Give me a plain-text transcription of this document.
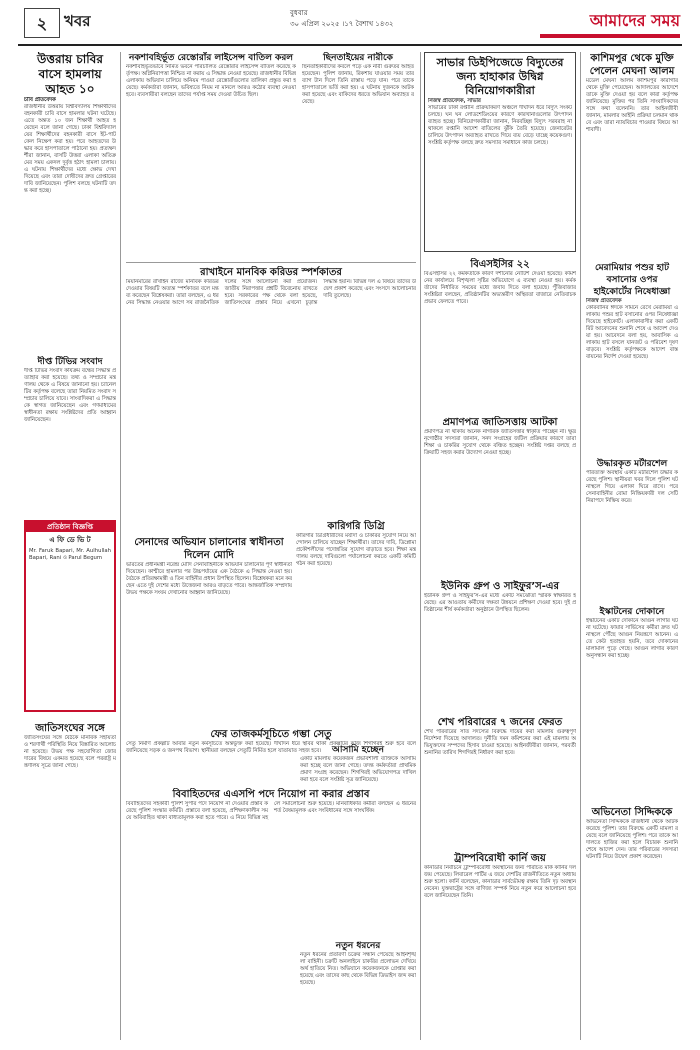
২	খবর	বুধবার
৩০ এপ্রিল ২০২৫ ।১৭ বৈশাখ ১৪৩২	আমাদের সময়
উত্তরায় চাবির বাসে হামলায় আহত ১০
চাবি প্রতিবেদক
রাজধানীর উত্তরায় বিশ্ববিদ্যালয় শিক্ষার্থীদের বহনকারী চাবি বাসে হামলার ঘটনা ঘটেছে। এতে অন্তত ১০ জন শিক্ষার্থী আহত হয়েছেন বলে জানা গেছে। ঢাকা বিশ্ববিদ্যালয়ের শিক্ষার্থীদের বহনকারী বাসে ইট-পাটকেল নিক্ষেপ করা হয়। পরে আহতদের উদ্ধার করে হাসপাতালে পাঠানো হয়। প্রত্যক্ষদর্শীরা জানান, বাসটি উত্তরা এলাকা অতিক্রমের সময় একদল দুর্বৃত্ত হঠাৎ হামলা চালায়। এ ঘটনায় শিক্ষার্থীদের মধ্যে ক্ষোভ দেখা দিয়েছে এবং তারা দোষীদের দ্রুত গ্রেপ্তারের দাবি জানিয়েছেন। পুলিশ বলছে ঘটনাটি তদন্ত করা হচ্ছে।
দীপ্ত টিভির সংবাদ
দীপ্ত টিভির সংবাদ কার্যক্রম বন্ধের সিদ্ধান্ত প্রত্যাহার করা হয়েছে। তথ্য ও সম্প্রচার মন্ত্রণালয় থেকে এ বিষয়ে জানানো হয়। চ্যানেলটির কর্তৃপক্ষ বলেছে তারা নিয়মিত সংবাদ সম্প্রচার চালিয়ে যাবে। সাংবাদিকরা এ সিদ্ধান্তকে স্বাগত জানিয়েছেন এবং গণমাধ্যমের স্বাধীনতা রক্ষায় সংশ্লিষ্টদের প্রতি আহ্বান জানিয়েছেন।
প্রতিষ্ঠান বিজ্ঞপ্তি
এ ফি ডে ভি ট
Mr. Faruk Bapari, Mr. Aulhullah Bapari, Rani ও Parul Begum
জাতিসংঘের সঙ্গে
জাতিসংঘের সঙ্গে বৈঠকে মানবিক সহায়তা ও শরণার্থী পরিস্থিতি নিয়ে বিস্তারিত আলোচনা হয়েছে। উভয় পক্ষ সহযোগিতা জোরদারের বিষয়ে একমত হয়েছে বলে পররাষ্ট্র মন্ত্রণালয় সূত্রে জানা গেছে।
নকশাবহির্ভূত রেস্তোরাঁর লাইসেন্স বাতিল করল
নকশাবহির্ভূতভাবে নির্মিত ভবনে পরিচালিত রেস্তোরাঁর লাইসেন্স বাতিল করেছে কর্তৃপক্ষ। অগ্নিনিরাপত্তা নিশ্চিত না করায় এ সিদ্ধান্ত নেওয়া হয়েছে। রাজধানীর বিভিন্ন এলাকায় অভিযান চালিয়ে অনিয়ম পাওয়া রেস্তোরাঁগুলোর তালিকা প্রস্তুত করা হয়েছে। কর্মকর্তারা জানান, ভবিষ্যতে নিয়ম না মানলে আরও কঠোর ব্যবস্থা নেওয়া হবে। ব্যবসায়ীরা বলছেন তাদের পর্যাপ্ত সময় দেওয়া উচিত ছিল।
ছিনতাইয়ের নারীকে
ছিনতাইকারীদের কবলে পড়ে এক নারী গুরুতর আহত হয়েছেন। পুলিশ জানায়, রিকশায় যাওয়ার সময় তার ব্যাগ টান দিলে তিনি রাস্তায় পড়ে যান। পরে তাকে হাসপাতালে ভর্তি করা হয়। এ ঘটনায় দুজনকে আটক করা হয়েছে এবং বাকিদের ধরতে অভিযান অব্যাহত রয়েছে।
সাভার ডিইপিজেডে বিদ্যুতের জন্য হাহাকার উদ্বিগ্ন বিনিয়োগকারীরা
নিজস্ব প্রতিবেদক, সাভার
সাভারের ঢাকা রপ্তানি প্রক্রিয়াকরণ অঞ্চলে দীর্ঘদিন ধরে বিদ্যুৎ সংকট চলছে। ঘন ঘন লোডশেডিংয়ের কারণে কারখানাগুলোর উৎপাদন ব্যাহত হচ্ছে। বিনিয়োগকারীরা জানান, নিরবচ্ছিন্ন বিদ্যুৎ সরবরাহ না থাকলে রপ্তানি আদেশ বাতিলের ঝুঁকি তৈরি হয়েছে। জেনারেটর চালিয়ে উৎপাদন অব্যাহত রাখতে গিয়ে ব্যয় বেড়ে যাচ্ছে কয়েকগুণ। সংশ্লিষ্ট কর্তৃপক্ষ বলছে দ্রুত সমস্যার সমাধানে কাজ চলছে।
কাশিমপুর থেকে মুক্তি পেলেন মেঘনা আলম
মডেল মেঘনা আলম কাশিমপুর কারাগার থেকে মুক্তি পেয়েছেন। আদালতের আদেশে তাকে মুক্তি দেওয়া হয় বলে কারা কর্তৃপক্ষ জানিয়েছে। মুক্তির পর তিনি সাংবাদিকদের সঙ্গে কথা বলেননি। তার আইনজীবী জানান, মামলার আইনি প্রক্রিয়া চলমান থাকবে এবং তারা ন্যায়বিচার পাওয়ার বিষয়ে আশাবাদী।
রাখাইনে মানবিক করিডর স্পর্শকাতর
মিয়ানমারের রাখাইন রাজ্যে মানবিক করিডর দেওয়ার বিষয়টি অত্যন্ত স্পর্শকাতর বলে মন্তব্য করেছেন বিশ্লেষকরা। তারা বলছেন, এ ধরনের সিদ্ধান্ত নেওয়ার আগে সব রাজনৈতিক দলের সঙ্গে আলোচনা করা প্রয়োজন। জাতীয় নিরাপত্তার প্রশ্নটি বিবেচনায় রাখতে হবে। সরকারের পক্ষ থেকে বলা হয়েছে, জাতিসংঘের প্রস্তাব নিয়ে এখনো চূড়ান্ত সিদ্ধান্ত হয়নি। বিভিন্ন দল এ বিষয়ে তাদের উদ্বেগ প্রকাশ করেছে এবং সংসদে আলোচনার দাবি তুলেছে।
বিএসইসির ২২
বিএসইসির ২২ কর্মকর্তাকে কারণ দর্শানোর নোটিশ দেওয়া হয়েছে। কমিশনের কার্যালয়ে বিশৃঙ্খলা সৃষ্টির অভিযোগে এ ব্যবস্থা নেওয়া হয়। কর্মকর্তাদের নির্ধারিত সময়ের মধ্যে জবাব দিতে বলা হয়েছে। পুঁজিবাজার সংশ্লিষ্টরা বলছেন, প্রতিষ্ঠানটির অভ্যন্তরীণ অস্থিরতা বাজারে নেতিবাচক প্রভাব ফেলতে পারে।
প্রমাণপত্র জাতিসত্তায় আটকা
প্রমাণপত্র না থাকায় অনেক নাগরিক জাতিসত্তার স্বীকৃতি পাচ্ছেন না। ক্ষুদ্র নৃগোষ্ঠীর সদস্যরা জানান, সনদ সংগ্রহের জটিল প্রক্রিয়ার কারণে তারা শিক্ষা ও চাকরির সুযোগ থেকে বঞ্চিত হচ্ছেন। সংশ্লিষ্ট দপ্তর বলছে প্রক্রিয়াটি সহজ করার উদ্যোগ নেওয়া হচ্ছে।
মেরামিয়ার পশুর হাট বসানোর ওপর হাইকোর্টের নিষেধাজ্ঞা
নিজস্ব প্রতিবেদক
কোরবানির ঈদকে সামনে রেখে মেরামিয়া এলাকায় পশুর হাট বসানোর ওপর নিষেধাজ্ঞা দিয়েছে হাইকোর্ট। এলাকাবাসীর করা একটি রিট আবেদনের শুনানি শেষে এ আদেশ দেওয়া হয়। আবেদনে বলা হয়, আবাসিক এলাকায় হাট বসলে যানজট ও পরিবেশ দূষণ বাড়বে। সংশ্লিষ্ট কর্তৃপক্ষকে আদেশ বাস্তবায়নের নির্দেশ দেওয়া হয়েছে।
উদ্ধারকৃত মর্টারশেল
পরিত্যক্ত অবস্থায় একটি মর্টারশেল উদ্ধার করেছে পুলিশ। স্থানীয়রা খবর দিলে পুলিশ ঘটনাস্থলে গিয়ে এলাকা ঘিরে রাখে। পরে সেনাবাহিনীর বোমা নিষ্ক্রিয়কারী দল সেটি নিরাপদে নিষ্ক্রিয় করে।
ইস্কাটনের দোকানে
ইস্কাটনের একটি দোকানে আগুন লাগার ঘটনা ঘটেছে। ফায়ার সার্ভিসের কর্মীরা দ্রুত ঘটনাস্থলে পৌঁছে আগুন নিয়ন্ত্রণে আনেন। এতে কেউ হতাহত হয়নি, তবে দোকানের মালামাল পুড়ে গেছে। আগুন লাগার কারণ অনুসন্ধান করা হচ্ছে।
অভিনেতা সিদ্দিককে
অভিনেতা সিদ্দিককে রাজধানী থেকে আটক করেছে পুলিশ। তার বিরুদ্ধে একটি মামলা রয়েছে বলে জানিয়েছে পুলিশ। পরে তাকে আদালতে হাজির করা হলে বিচারক শুনানি শেষে আদেশ দেন। তার পরিবারের সদস্যরা ঘটনাটি নিয়ে উদ্বেগ প্রকাশ করেছেন।
কারিগরি ডিগ্রি
কারিগরি ডিগ্রিধারীদের মর্যাদা ও চাকরির সুযোগ নিয়ে আন্দোলন চালিয়ে যাচ্ছেন শিক্ষার্থীরা। তাদের দাবি, ডিপ্লোমা প্রকৌশলীদের পদোন্নতির সুযোগ বাড়াতে হবে। শিক্ষা মন্ত্রণালয় বলছে দাবিগুলো পর্যালোচনা করতে একটি কমিটি গঠন করা হয়েছে।
ইউনিক গ্রুপ ও সাইফুর’স-এর
ইউনিক গ্রুপ ও সাইফুর’স-এর মধ্যে একটি সমঝোতা স্মারক স্বাক্ষরিত হয়েছে। এর আওতায় কর্মীদের দক্ষতা উন্নয়নে প্রশিক্ষণ দেওয়া হবে। দুই প্রতিষ্ঠানের শীর্ষ কর্মকর্তারা অনুষ্ঠানে উপস্থিত ছিলেন।
সেনাদের অভিযান চালানোর স্বাধীনতা দিলেন মোদি
ভারতের প্রধানমন্ত্রী নরেন্দ্র মোদি সেনাবাহিনীকে অভিযান চালানোর পূর্ণ স্বাধীনতা দিয়েছেন। কাশ্মীরে হামলার পর উচ্চপর্যায়ের এক বৈঠকে এ সিদ্ধান্ত নেওয়া হয়। বৈঠকে প্রতিরক্ষামন্ত্রী ও তিন বাহিনীর প্রধান উপস্থিত ছিলেন। বিশ্লেষকরা মনে করছেন এতে দুই দেশের মধ্যে উত্তেজনা আরও বাড়তে পারে। আন্তর্জাতিক সম্প্রদায় উভয় পক্ষকে সংযম দেখানোর আহ্বান জানিয়েছে।
ফের তাজকর্মসূচিতে গম্ভা সেতু
সেতু নির্মাণ প্রকল্পটি আবার নতুন কর্মসূচিতে অন্তর্ভুক্ত করা হয়েছে। দীর্ঘদিন ধরে স্থবির থাকা প্রকল্পটির কাজ শিগগিরই শুরু হবে বলে জানিয়েছে সড়ক ও জনপথ বিভাগ। স্থানীয়রা বলছেন সেতুটি নির্মিত হলে যাতায়াত সহজ হবে।
বিবাহিতদের এএসপি পদে নিয়োগ না করার প্রস্তাব
বিবাহিতদের সহকারী পুলিশ সুপার পদে নিয়োগ না দেওয়ার প্রস্তাব করেছে পুলিশ সংস্কার কমিটি। প্রস্তাবে বলা হয়েছে, প্রশিক্ষণকালীন সময়ে অবিবাহিত থাকা বাধ্যতামূলক করা হতে পারে। এ নিয়ে বিভিন্ন মহলে সমালোচনা শুরু হয়েছে। মানবাধিকার কর্মীরা বলছেন এ ধরনের শর্ত বৈষম্যমূলক এবং সংবিধানের সঙ্গে সাংঘর্ষিক।
শেখ পরিবারের ৭ জনের ফেরত
শেখ পরিবারের সাত সদস্যের বিরুদ্ধে দায়ের করা মামলায় গুরুত্বপূর্ণ নির্দেশনা দিয়েছে আদালত। দুর্নীতি দমন কমিশনের করা এই মামলায় অভিযুক্তদের সম্পদের হিসাব চাওয়া হয়েছে। আইনজীবীরা জানান, পরবর্তী শুনানির তারিখ শিগগিরই নির্ধারণ করা হবে।
আসামি হচ্ছেন
একটি মামলায় কয়েকজন প্রভাবশালী ব্যক্তিকে আসামি করা হচ্ছে বলে জানা গেছে। তদন্ত কর্মকর্তারা প্রাথমিক প্রমাণ সংগ্রহ করেছেন। শিগগিরই অভিযোগপত্র দাখিল করা হবে বলে সংশ্লিষ্ট সূত্র জানিয়েছে।
ট্রাম্পবিরোধী কার্নি জয়
কানাডার নির্বাচনে ট্রাম্পবিরোধী অবস্থানের জন্য পরিচিত মার্ক কার্নির দল জয় পেয়েছে। লিবারেল পার্টির এ জয়ে দেশটির রাজনীতিতে নতুন অধ্যায় শুরু হলো। কার্নি বলেছেন, কানাডার সার্বভৌমত্ব রক্ষায় তিনি দৃঢ় অবস্থান নেবেন। যুক্তরাষ্ট্রের সঙ্গে বাণিজ্য সম্পর্ক নিয়ে নতুন করে আলোচনা হবে বলে জানিয়েছেন তিনি।
নতুন ধরনের
নতুন ধরনের প্রতারণা চক্রের সন্ধান পেয়েছে আইনশৃঙ্খলা বাহিনী। চক্রটি অনলাইনে চাকরির প্রলোভন দেখিয়ে অর্থ হাতিয়ে নিত। অভিযানে কয়েকজনকে গ্রেপ্তার করা হয়েছে এবং তাদের কাছ থেকে বিভিন্ন ডিভাইস জব্দ করা হয়েছে।
